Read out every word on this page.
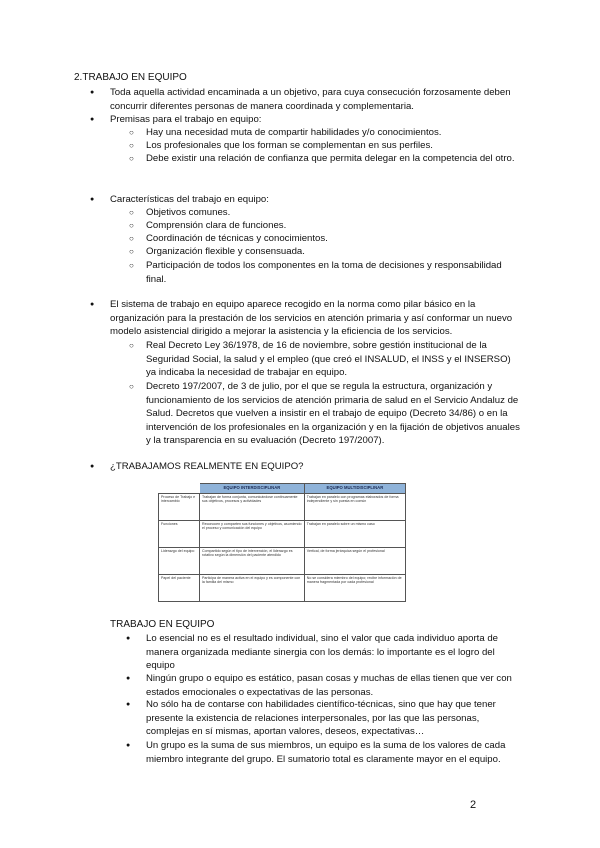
2.TRABAJO EN EQUIPO
● Toda aquella actividad encaminada a un objetivo, para cuya consecución forzosamente deben concurrir diferentes personas de manera coordinada y complementaria.
● Premisas para el trabajo en equipo:
○ Hay una necesidad muta de compartir habilidades y/o conocimientos.
○ Los profesionales que los forman se complementan en sus perfiles.
○ Debe existir una relación de confianza que permita delegar en la competencia del otro.
● Características del trabajo en equipo:
○ Objetivos comunes.
○ Comprensión clara de funciones.
○ Coordinación de técnicas y conocimientos.
○ Organización flexible y consensuada.
○ Participación de todos los componentes en la toma de decisiones y responsabilidad final.
● El sistema de trabajo en equipo aparece recogido en la norma como pilar básico en la organización para la prestación de los servicios en atención primaria y así conformar un nuevo modelo asistencial dirigido a mejorar la asistencia y la eficiencia de los servicios.
○ Real Decreto Ley 36/1978, de 16 de noviembre, sobre gestión institucional de la Seguridad Social, la salud y el empleo (que creó el INSALUD, el INSS y el INSERSO) ya indicaba la necesidad de trabajar en equipo.
○ Decreto 197/2007, de 3 de julio, por el que se regula la estructura, organización y funcionamiento de los servicios de atención primaria de salud en el Servicio Andaluz de Salud. Decretos que vuelven a insistir en el trabajo de equipo (Decreto 34/86) o en la intervención de los profesionales en la organización y en la fijación de objetivos anuales y la transparencia en su evaluación (Decreto 197/2007).
● ¿TRABAJAMOS REALMENTE EN EQUIPO?
	EQUIPO INTERDISCIPLINAR	EQUIPO MULTIDISCIPLINAR
Proceso de Trabajo e intercambio	Trabajan de forma conjunta, comunicándose continuamente sus objetivos, procesos y actividades	Trabajan en paralelo con programas elaborados de forma independiente y sin puesta en común
Funciones	Reconocen y comparten sus funciones y objetivos, asumiendo el proceso y comunicación del equipo	Trabajan en paralelo sobre un mismo caso
Liderazgo del equipo	Compartido según el tipo de intervención, el liderazgo es rotativo según la dimensión del paciente atendido	Vertical, de forma jerárquica según el profesional
Papel del paciente	Participa de manera activa en el equipo y es componente con la familia del mismo	No se considera miembro del equipo; recibe información de manera fragmentada por cada profesional
TRABAJO EN EQUIPO
● Lo esencial no es el resultado individual, sino el valor que cada individuo aporta de manera organizada mediante sinergia con los demás: lo importante es el logro del equipo
● Ningún grupo o equipo es estático, pasan cosas y muchas de ellas tienen que ver con estados emocionales o expectativas de las personas.
● No sólo ha de contarse con habilidades científico-técnicas, sino que hay que tener presente la existencia de relaciones interpersonales, por las que las personas, complejas en sí mismas, aportan valores, deseos, expectativas…
● Un grupo es la suma de sus miembros, un equipo es la suma de los valores de cada miembro integrante del grupo. El sumatorio total es claramente mayor en el equipo.
2
